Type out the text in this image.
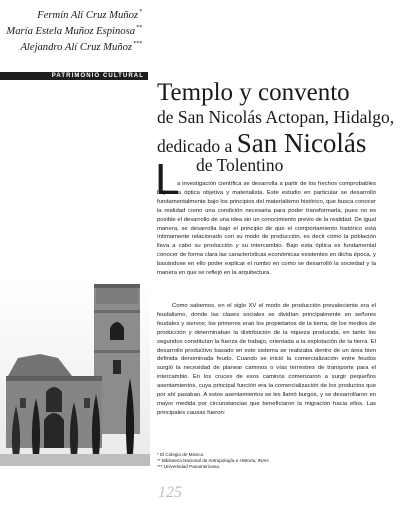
Fermín Alí Cruz Muñoz*
María Estela Muñoz Espinosa**
Alejandro Alí Cruz Muñoz***
PATRIMONIO CULTURAL
Templo y convento
de San Nicolás Actopan, Hidalgo,
dedicado a San Nicolás
de Tolentino
L

a investigación científica se desarrolla a partir de los hechos comprobables bajo una óptica objetiva y materialista. Este estudio en particular se desarrolló fundamentalmente bajo los principios del materialismo histórico, que busca conocer la realidad como una condición necesaria para poder transformarla, pues no es posible el desarrollo de una idea sin un conocimiento previo de la realidad. De igual manera, se desarrolla bajo el principio de que el comportamiento histórico está íntimamente relacionado con su modo de producción, es decir cómo la población lleva a cabo su producción y su intercambio. Bajo esta óptica es fundamental conocer de forma clara las características económicas existentes en dicha época, y basándose en ello poder explicar el rumbo en como se desarrolló la sociedad y la manera en que se reflejó en la arquitectura.

Como sabemos, en el siglo XV el modo de producción prevaleciente era el feudalismo, donde las clases sociales se dividían principalmente en señores feudales y siervos; los primeros eran los propietarios de la tierra, de los medios de producción y determinaban la distribución de la riqueza producida, en tanto los segundos constituían la fuerza de trabajo, orientada a la explotación de la tierra. El desarrollo productivo basado en este sistema se realizaba dentro de un área bien definida denominada feudo. Cuando se inició la comercialización entre feudos surgió la necesidad de planear caminos o vías terrestres de transporte para el intercambio. En los cruces de esos caminos comenzaron a surgir pequeños asentamientos, cuya principal función era la comercialización de los productos que por ahí pasaban. A estos asentamientos se les llamó burgos, y se desarrollaron en mayor medida por circunstancias que beneficiaron la migración hacia ellos. Las principales causas fueron:

* El Colegio de México.
** Biblioteca Nacional de Antropología e Historia, INAH.
*** Universidad Panamericana.
125
